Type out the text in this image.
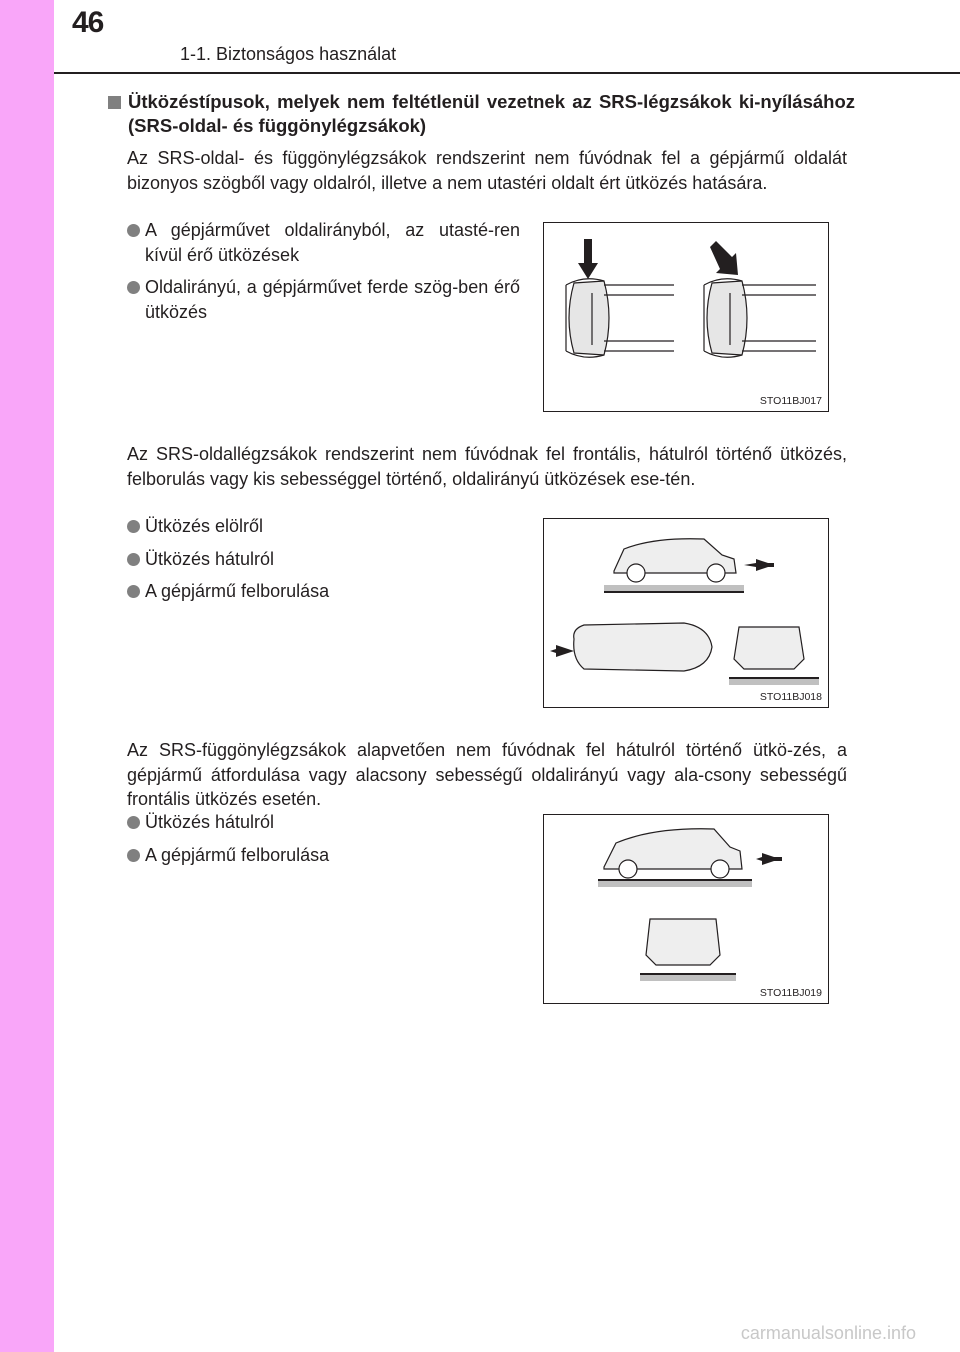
46
1-1. Biztonságos használat
Ütközéstípusok, melyek nem feltétlenül vezetnek az SRS-légzsákok ki-nyílásához (SRS-oldal- és függönylégzsákok)
Az SRS-oldal- és függönylégzsákok rendszerint nem fúvódnak fel a gépjármű oldalát bizonyos szögből vagy oldalról, illetve a nem utastéri oldalt ért ütközés hatására.
A gépjárművet oldalirányból, az utasté-ren kívül érő ütközések
Oldalirányú, a gépjárművet ferde szög-ben érő ütközés
STO11BJ017
Az SRS-oldallégzsákok rendszerint nem fúvódnak fel frontális, hátulról történő ütközés, felborulás vagy kis sebességgel történő, oldalirányú ütközések ese-tén.
Ütközés elölről
Ütközés hátulról
A gépjármű felborulása
STO11BJ018
Az SRS-függönylégzsákok alapvetően nem fúvódnak fel hátulról történő ütkö-zés, a gépjármű átfordulása vagy alacsony sebességű oldalirányú vagy ala-csony sebességű frontális ütközés esetén.
Ütközés hátulról
A gépjármű felborulása
STO11BJ019
carmanualsonline.info
